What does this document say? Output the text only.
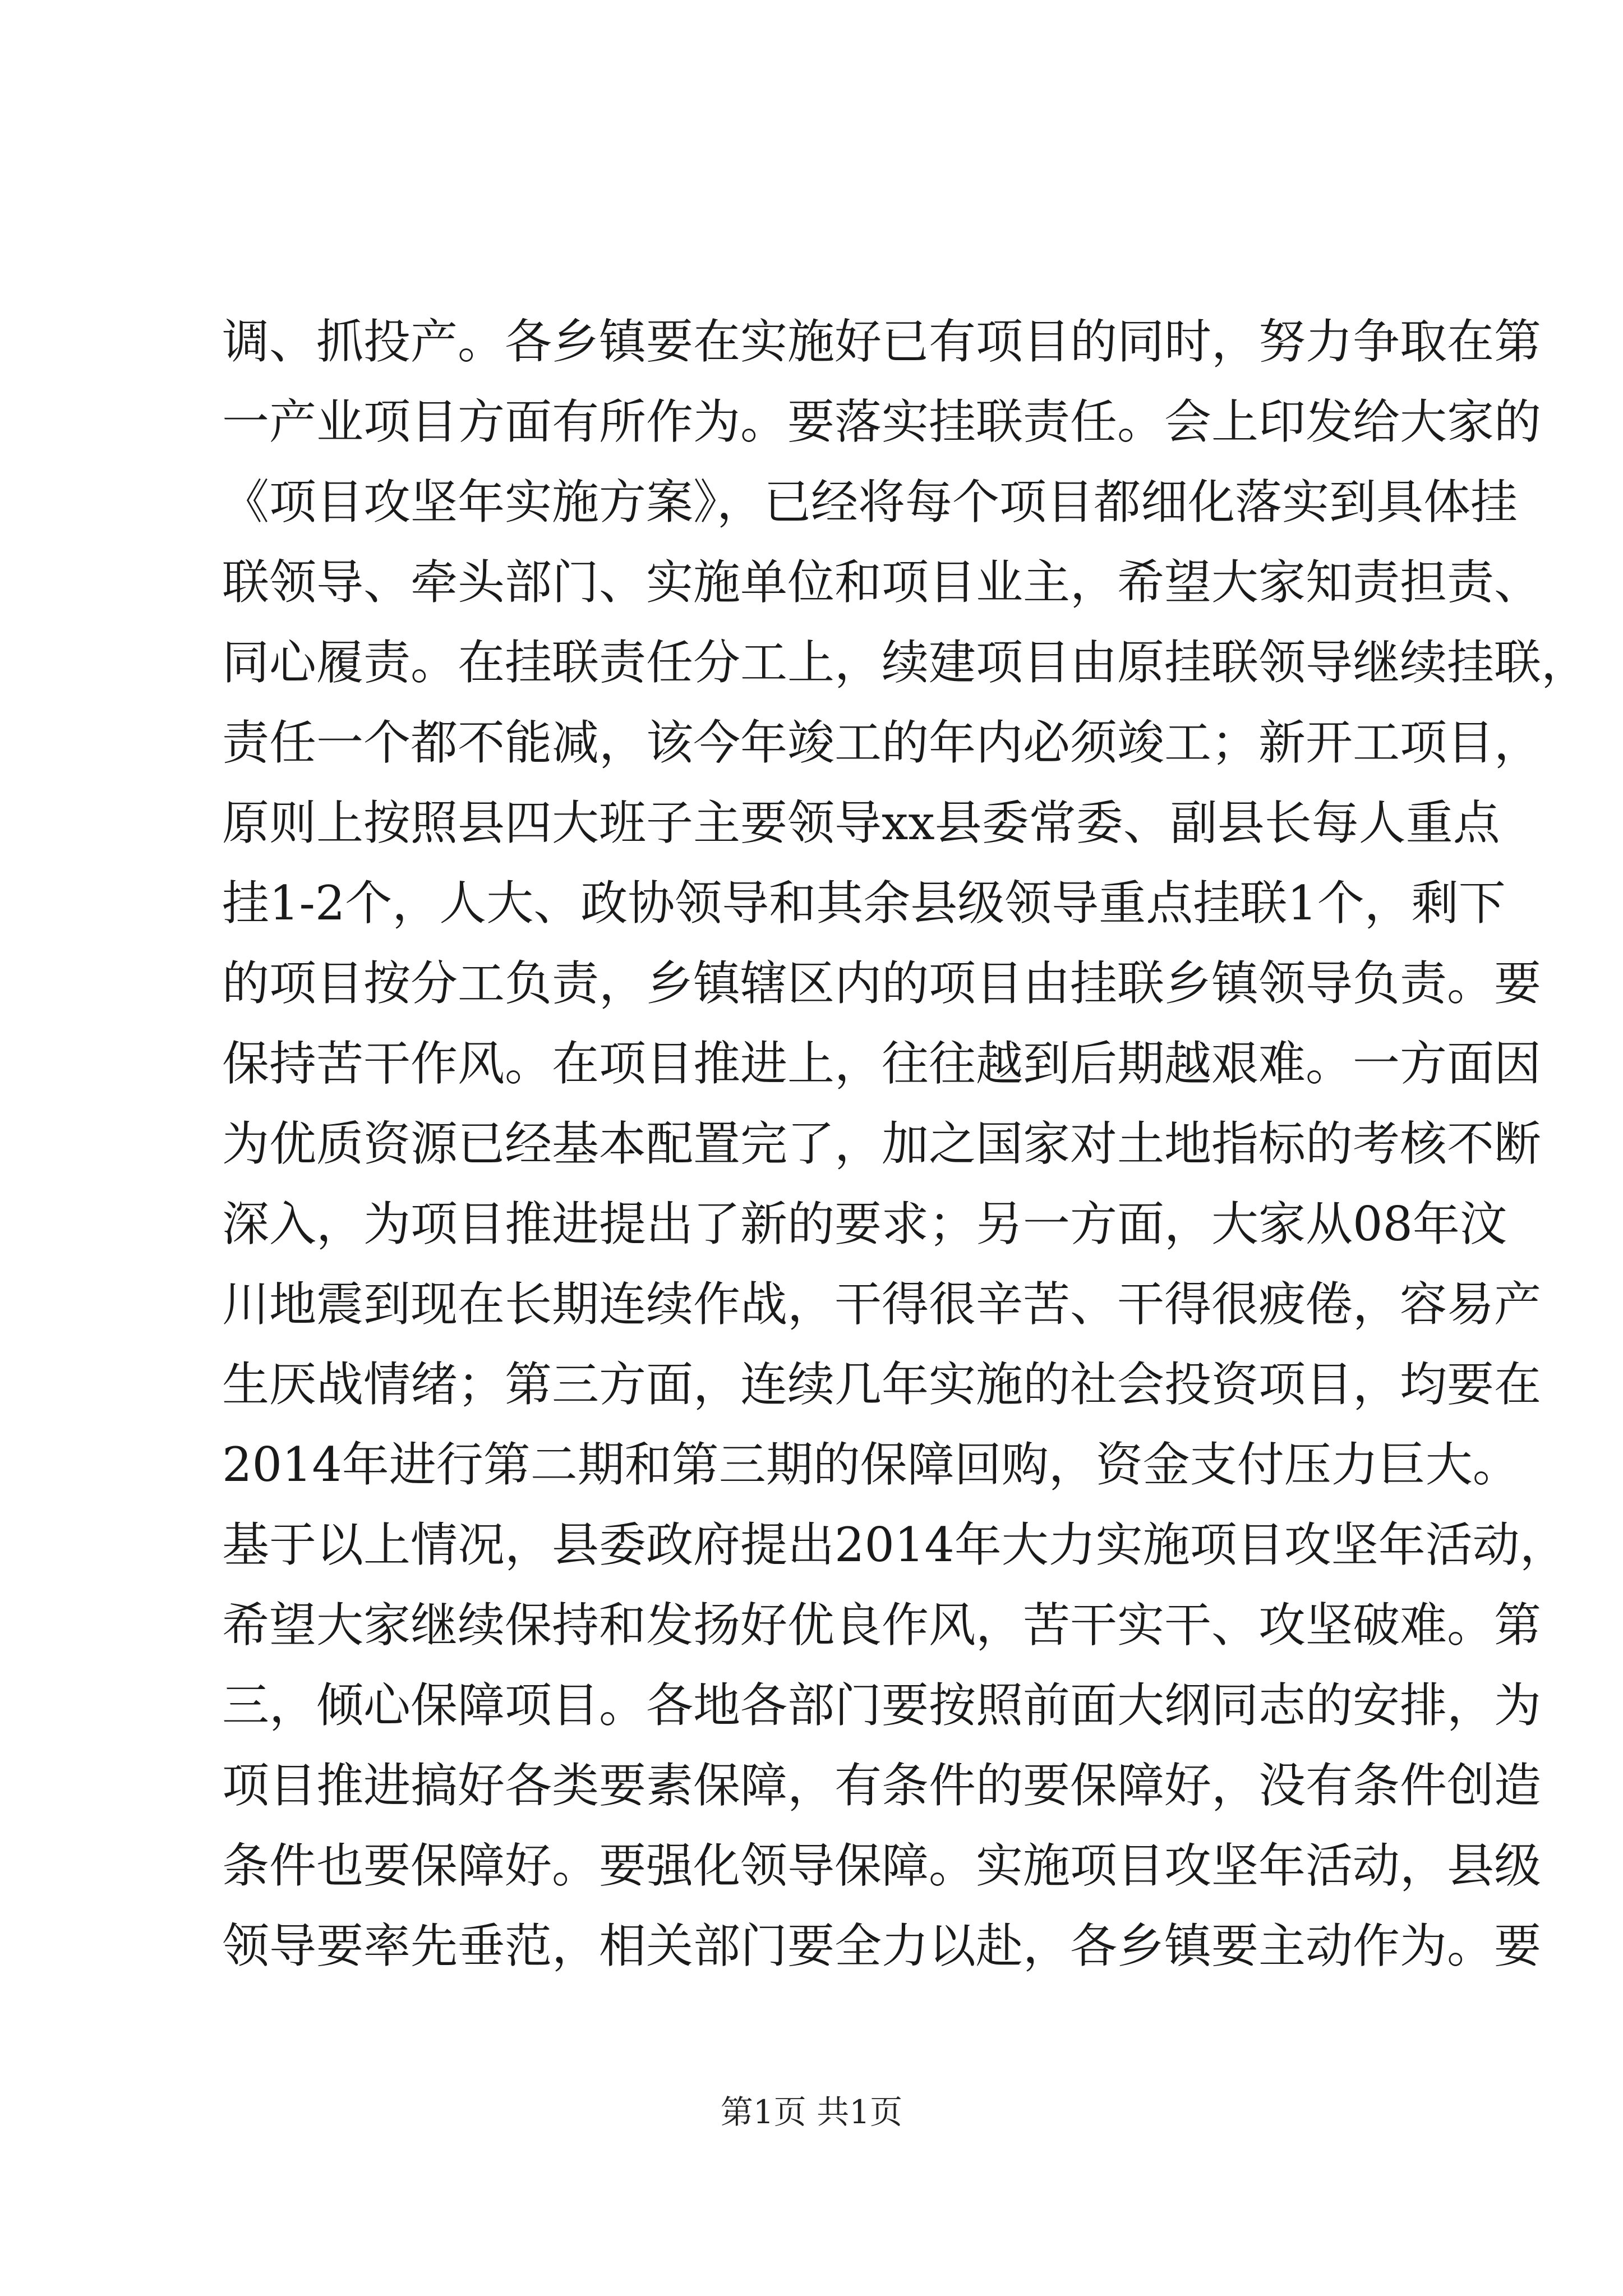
调、抓投产。各乡镇要在实施好已有项目的同时，努力争取在第
一产业项目方面有所作为。要落实挂联责任。会上印发给大家的
《项目攻坚年实施方案》，已经将每个项目都细化落实到具体挂
联领导、牵头部门、实施单位和项目业主，希望大家知责担责、
同心履责。在挂联责任分工上，续建项目由原挂联领导继续挂联，
责任一个都不能减，该今年竣工的年内必须竣工；新开工项目，
原则上按照县四大班子主要领导xx县委常委、副县长每人重点
挂1-2个，人大、政协领导和其余县级领导重点挂联1个，剩下
的项目按分工负责，乡镇辖区内的项目由挂联乡镇领导负责。要
保持苦干作风。在项目推进上，往往越到后期越艰难。一方面因
为优质资源已经基本配置完了，加之国家对土地指标的考核不断
深入，为项目推进提出了新的要求；另一方面，大家从08年汶
川地震到现在长期连续作战，干得很辛苦、干得很疲倦，容易产
生厌战情绪；第三方面，连续几年实施的社会投资项目，均要在
2014年进行第二期和第三期的保障回购，资金支付压力巨大。
基于以上情况，县委政府提出2014年大力实施项目攻坚年活动，
希望大家继续保持和发扬好优良作风，苦干实干、攻坚破难。第
三，倾心保障项目。各地各部门要按照前面大纲同志的安排，为
项目推进搞好各类要素保障，有条件的要保障好，没有条件创造
条件也要保障好。要强化领导保障。实施项目攻坚年活动，县级
领导要率先垂范，相关部门要全力以赴，各乡镇要主动作为。要
第1页 共1页
